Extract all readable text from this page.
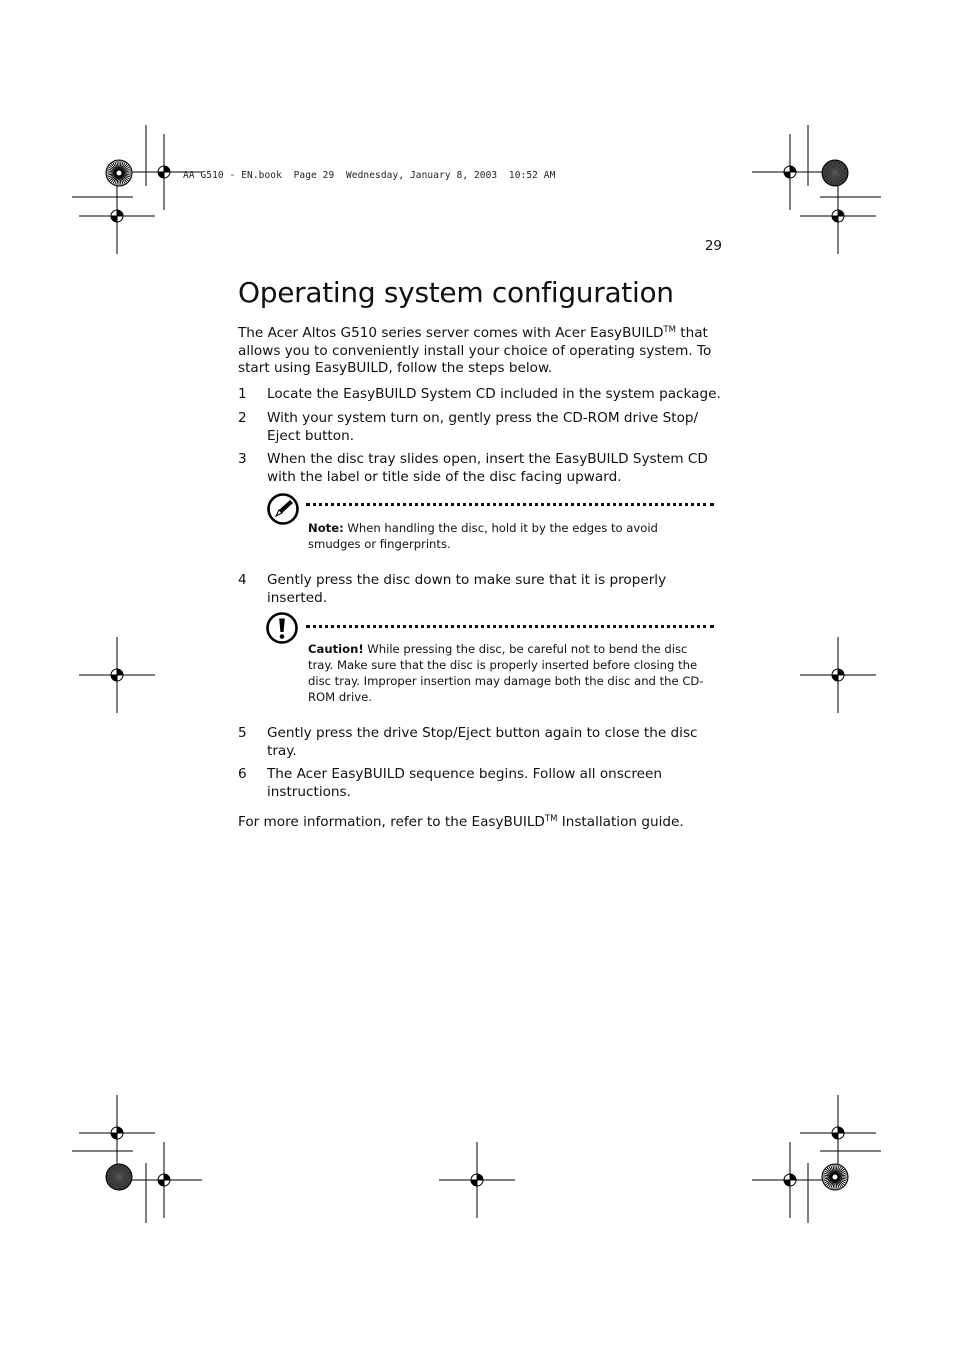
AA G510 - EN.book  Page 29  Wednesday, January 8, 2003  10:52 AM
29
Operating system configuration

The Acer Altos G510 series server comes with Acer EasyBUILD™ that allows you to conveniently install your choice of operating system. To start using EasyBUILD, follow the steps below.

1 Locate the EasyBUILD System CD included in the system package.
2 With your system turn on, gently press the CD-ROM drive Stop/ Eject button.
3 When the disc tray slides open, insert the EasyBUILD System CD with the label or title side of the disc facing upward.
Note: When handling the disc, hold it by the edges to avoid smudges or fingerprints.
4 Gently press the disc down to make sure that it is properly inserted.
Caution! While pressing the disc, be careful not to bend the disc tray. Make sure that the disc is properly inserted before closing the disc tray. Improper insertion may damage both the disc and the CD-ROM drive.
5 Gently press the drive Stop/Eject button again to close the disc tray.
6 The Acer EasyBUILD sequence begins. Follow all onscreen instructions.

For more information, refer to the EasyBUILD™ Installation guide.
